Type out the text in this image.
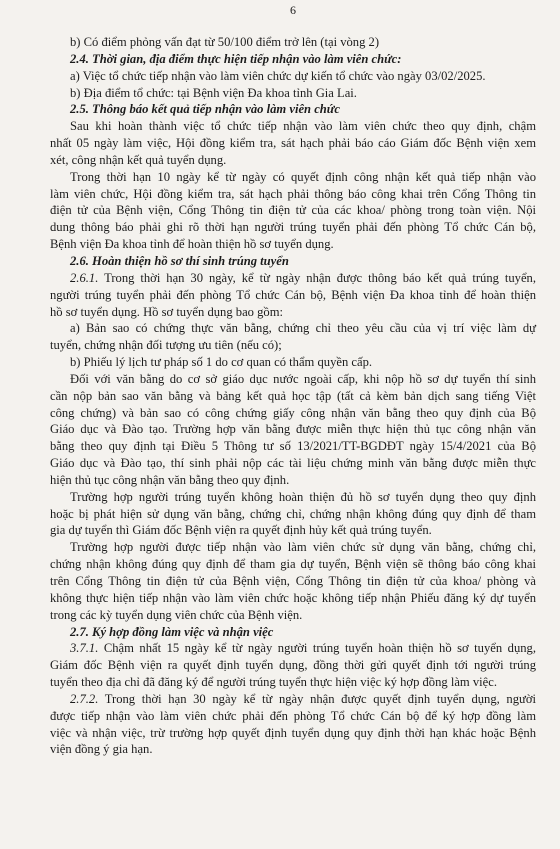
6
b) Có điểm phỏng vấn đạt từ 50/100 điểm trở lên (tại vòng 2)
2.4. Thời gian, địa điểm thực hiện tiếp nhận vào làm viên chức:
a) Việc tổ chức tiếp nhận vào làm viên chức dự kiến tổ chức vào ngày 03/02/2025.
b) Địa điểm tổ chức: tại Bệnh viện Đa khoa tỉnh Gia Lai.
2.5. Thông báo kết quả tiếp nhận vào làm viên chức
Sau khi hoàn thành việc tổ chức tiếp nhận vào làm viên chức theo quy định, chậm
nhất 05 ngày làm việc, Hội đồng kiểm tra, sát hạch phải báo cáo Giám đốc Bệnh viện xem
xét, công nhận kết quả tuyển dụng.
Trong thời hạn 10 ngày kể từ ngày có quyết định công nhận kết quả tiếp nhận vào
làm viên chức, Hội đồng kiểm tra, sát hạch phải thông báo công khai trên Cổng Thông tin
điện tử của Bệnh viện, Cổng Thông tin điện tử của các khoa/ phòng trong toàn viện. Nội
dung thông báo phải ghi rõ thời hạn người trúng tuyển phải đến phòng Tổ chức Cán bộ,
Bệnh viện Đa khoa tỉnh để hoàn thiện hồ sơ tuyển dụng.
2.6. Hoàn thiện hồ sơ thí sinh trúng tuyển
2.6.1. Trong thời hạn 30 ngày, kể từ ngày nhận được thông báo kết quả trúng tuyển,
người trúng tuyển phải đến phòng Tổ chức Cán bộ, Bệnh viện Đa khoa tỉnh để hoàn thiện
hồ sơ tuyển dụng. Hồ sơ tuyển dụng bao gồm:
a) Bản sao có chứng thực văn bằng, chứng chỉ theo yêu cầu của vị trí việc làm dự
tuyển, chứng nhận đối tượng ưu tiên (nếu có);
b) Phiếu lý lịch tư pháp số 1 do cơ quan có thẩm quyền cấp.
Đối với văn bằng do cơ sở giáo dục nước ngoài cấp, khi nộp hồ sơ dự tuyển thí sinh
cần nộp bản sao văn bằng và bảng kết quả học tập (tất cả kèm bản dịch sang tiếng Việt
công chứng) và bản sao có công chứng giấy công nhận văn bằng theo quy định của Bộ
Giáo dục và Đào tạo. Trường hợp văn bằng được miễn thực hiện thủ tục công nhận văn
bằng theo quy định tại Điều 5 Thông tư số 13/2021/TT-BGDĐT ngày 15/4/2021 của Bộ
Giáo dục và Đào tạo, thí sinh phải nộp các tài liệu chứng minh văn bằng được miễn thực
hiện thủ tục công nhận văn bằng theo quy định.
Trường hợp người trúng tuyển không hoàn thiện đủ hồ sơ tuyển dụng theo quy định
hoặc bị phát hiện sử dụng văn bằng, chứng chỉ, chứng nhận không đúng quy định để tham
gia dự tuyển thì Giám đốc Bệnh viện ra quyết định hủy kết quả trúng tuyển.
Trường hợp người được tiếp nhận vào làm viên chức sử dụng văn bằng, chứng chỉ,
chứng nhận không đúng quy định để tham gia dự tuyển, Bệnh viện sẽ thông báo công khai
trên Cổng Thông tin điện tử của Bệnh viện, Cổng Thông tin điện tử của khoa/ phòng và
không thực hiện tiếp nhận vào làm viên chức hoặc không tiếp nhận Phiếu đăng ký dự tuyển
trong các kỳ tuyển dụng viên chức của Bệnh viện.
2.7. Ký hợp đồng làm việc và nhận việc
3.7.1. Chậm nhất 15 ngày kể từ ngày người trúng tuyển hoàn thiện hồ sơ tuyển dụng,
Giám đốc Bệnh viện ra quyết định tuyển dụng, đồng thời gửi quyết định tới người trúng
tuyển theo địa chỉ đã đăng ký để người trúng tuyển thực hiện việc ký hợp đồng làm việc.
2.7.2. Trong thời hạn 30 ngày kể từ ngày nhận được quyết định tuyển dụng, người
được tiếp nhận vào làm viên chức phải đến phòng Tổ chức Cán bộ để ký hợp đồng làm
việc và nhận việc, trừ trường hợp quyết định tuyển dụng quy định thời hạn khác hoặc Bệnh
viện đồng ý gia hạn.
